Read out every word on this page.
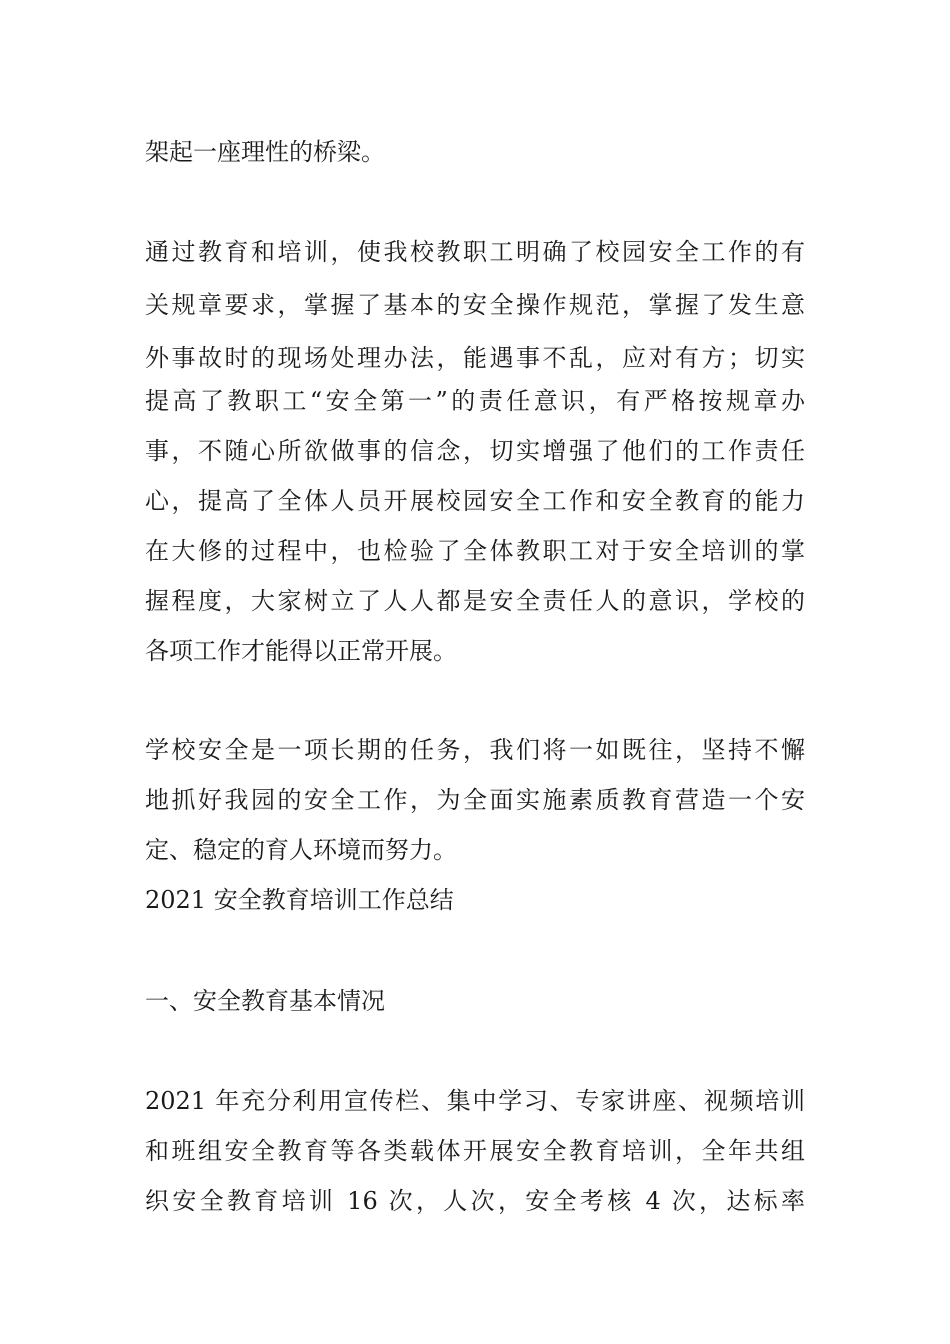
架起一座理性的桥梁。
通过教育和培训，使我校教职工明确了校园安全工作的有
关规章要求，掌握了基本的安全操作规范，掌握了发生意
外事故时的现场处理办法，能遇事不乱，应对有方；切实
提高了教职工“安全第一”的责任意识，有严格按规章办
事，不随心所欲做事的信念，切实增强了他们的工作责任
心，提高了全体人员开展校园安全工作和安全教育的能力
在大修的过程中，也检验了全体教职工对于安全培训的掌
握程度，大家树立了人人都是安全责任人的意识，学校的
各项工作才能得以正常开展。
学校安全是一项长期的任务，我们将一如既往，坚持不懈
地抓好我园的安全工作，为全面实施素质教育营造一个安
定、稳定的育人环境而努力。
2021 安全教育培训工作总结
一、安全教育基本情况
2021 年充分利用宣传栏、集中学习、专家讲座、视频培训
和班组安全教育等各类载体开展安全教育培训，全年共组
织安全教育培训 16 次，人次，安全考核 4 次，达标率
